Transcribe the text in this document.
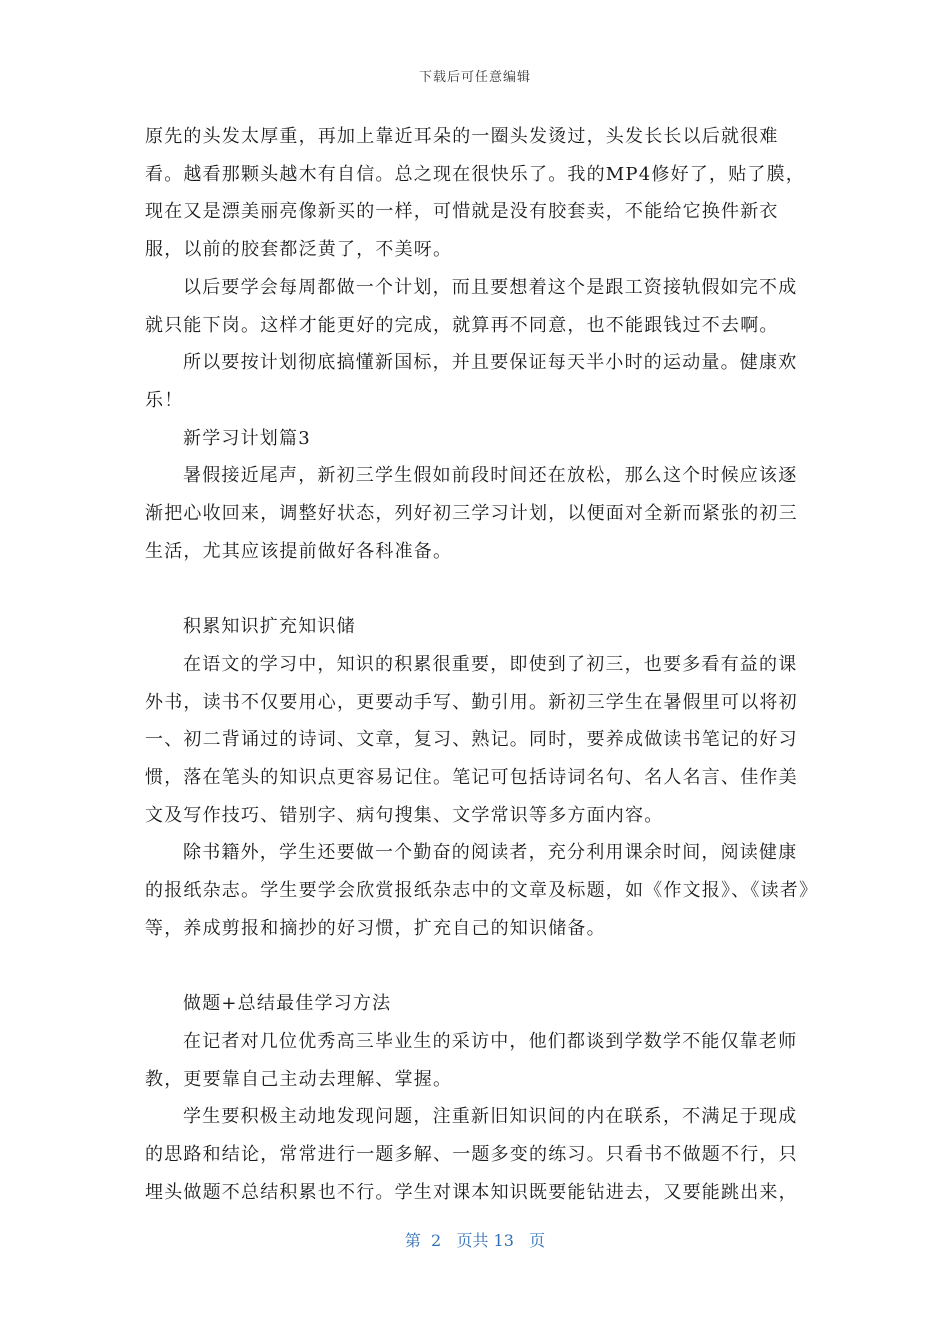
下载后可任意编辑

原先的头发太厚重，再加上靠近耳朵的一圈头发烫过，头发长长以后就很难看。越看那颗头越木有自信。总之现在很快乐了。我的MP4修好了，贴了膜，现在又是漂美丽亮像新买的一样，可惜就是没有胶套卖，不能给它换件新衣服，以前的胶套都泛黄了，不美呀。

以后要学会每周都做一个计划，而且要想着这个是跟工资接轨假如完不成就只能下岗。这样才能更好的完成，就算再不同意，也不能跟钱过不去啊。

所以要按计划彻底搞懂新国标，并且要保证每天半小时的运动量。健康欢乐！

新学习计划篇3

暑假接近尾声，新初三学生假如前段时间还在放松，那么这个时候应该逐渐把心收回来，调整好状态，列好初三学习计划，以便面对全新而紧张的初三生活，尤其应该提前做好各科准备。

积累知识扩充知识储

在语文的学习中，知识的积累很重要，即使到了初三，也要多看有益的课外书，读书不仅要用心，更要动手写、勤引用。新初三学生在暑假里可以将初一、初二背诵过的诗词、文章，复习、熟记。同时，要养成做读书笔记的好习惯，落在笔头的知识点更容易记住。笔记可包括诗词名句、名人名言、佳作美文及写作技巧、错别字、病句搜集、文学常识等多方面内容。

除书籍外，学生还要做一个勤奋的阅读者，充分利用课余时间，阅读健康的报纸杂志。学生要学会欣赏报纸杂志中的文章及标题，如《作文报》、《读者》等，养成剪报和摘抄的好习惯，扩充自己的知识储备。

做题+总结最佳学习方法

在记者对几位优秀高三毕业生的采访中，他们都谈到学数学不能仅靠老师教，更要靠自己主动去理解、掌握。

学生要积极主动地发现问题，注重新旧知识间的内在联系，不满足于现成的思路和结论，常常进行一题多解、一题多变的练习。只看书不做题不行，只埋头做题不总结积累也不行。学生对课本知识既要能钻进去，又要能跳出来，

第  2   页共 13   页
